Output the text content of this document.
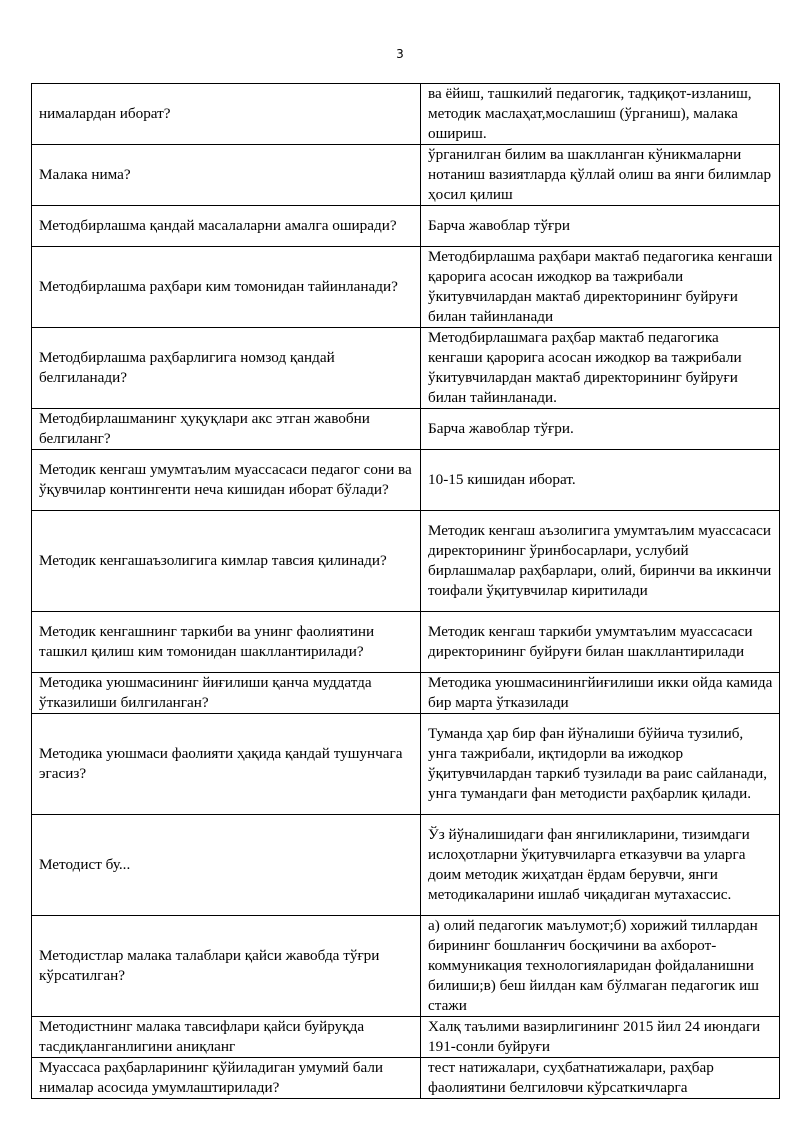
3
нималардан иборат?	ва ёйиш, ташкилий педагогик, тадқиқот-изланиш, методик маслаҳат,мослашиш (ўрганиш), малака ошириш.
Малака нима?	ўрганилган билим ва шаклланган кўникмаларни нотаниш вазиятларда қўллай олиш ва янги билимлар ҳосил қилиш
Методбирлашма қандай масалаларни амалга оширади?	Барча жавоблар тўғри
Методбирлашма раҳбари ким томонидан тайинланади?	Методбирлашма раҳбари мактаб педагогика кенгаши қарорига асосан ижодкор ва тажрибали ўкитувчилардан мактаб директорининг буйруғи билан тайинланади
Методбирлашма раҳбарлигига номзод қандай белгиланади?	Методбирлашмага раҳбар мактаб педагогика кенгаши қарорига асосан ижодкор ва тажрибали ўкитувчилардан мактаб директорининг буйруғи билан тайинланади.
Методбирлашманинг ҳуқуқлари акс этган жавобни белгиланг?	Барча жавоблар тўғри.
Методик кенгаш умумтаълим муассасаси педагог сони ва ўқувчилар контингенти неча кишидан иборат бўлади?	10-15 кишидан иборат.
Методик кенгашаъзолигига кимлар тавсия қилинади?	Методик кенгаш аъзолигига умумтаълим муассасаси директорининг ўринбосарлари, услубий бирлашмалар раҳбарлари, олий, биринчи ва иккинчи тоифали ўқитувчилар киритилади
Методик кенгашнинг таркиби ва унинг фаолиятини ташкил қилиш ким томонидан шакллантирилади?	Методик кенгаш таркиби умумтаълим муассасаси директорининг буйруғи билан шакллантирилади
Методика уюшмасининг йиғилиши қанча муддатда ўтказилиши билгиланган?	Методика уюшмасинингйиғилиши икки ойда камида бир марта ўтказилади
Методика уюшмаси фаолияти ҳақида қандай тушунчага эгасиз?	Туманда ҳар бир фан йўналиши бўйича тузилиб, унга тажрибали, иқтидорли ва ижодкор ўқитувчилардан таркиб тузилади ва раис сайланади, унга тумандаги фан методисти раҳбарлик қилади.
Методист бу...	Ўз йўналишидаги фан янгиликларини, тизимдаги ислоҳотларни ўқитувчиларга етказувчи ва уларга доим методик жиҳатдан ёрдам берувчи, янги методикаларини ишлаб чиқадиган мутахассис.
Методистлар малака талаблари қайси жавобда тўғри кўрсатилган?	а) олий педагогик маълумот;б) хорижий тиллардан бирининг бошланғич босқичини ва ахборот-коммуникация технологияларидан фойдаланишни билиши;в) беш йилдан кам бўлмаган педагогик иш стажи
Методистнинг малака тавсифлари қайси буйруқда тасдиқланганлигини аниқланг	Халқ таълими вазирлигининг 2015 йил 24 июндаги 191-сонли буйруғи
Муассаса раҳбарларининг қўйиладиган умумий бали нималар асосида умумлаштирилади?	тест натижалари, суҳбатнатижалари, раҳбар фаолиятини белгиловчи кўрсаткичларга
